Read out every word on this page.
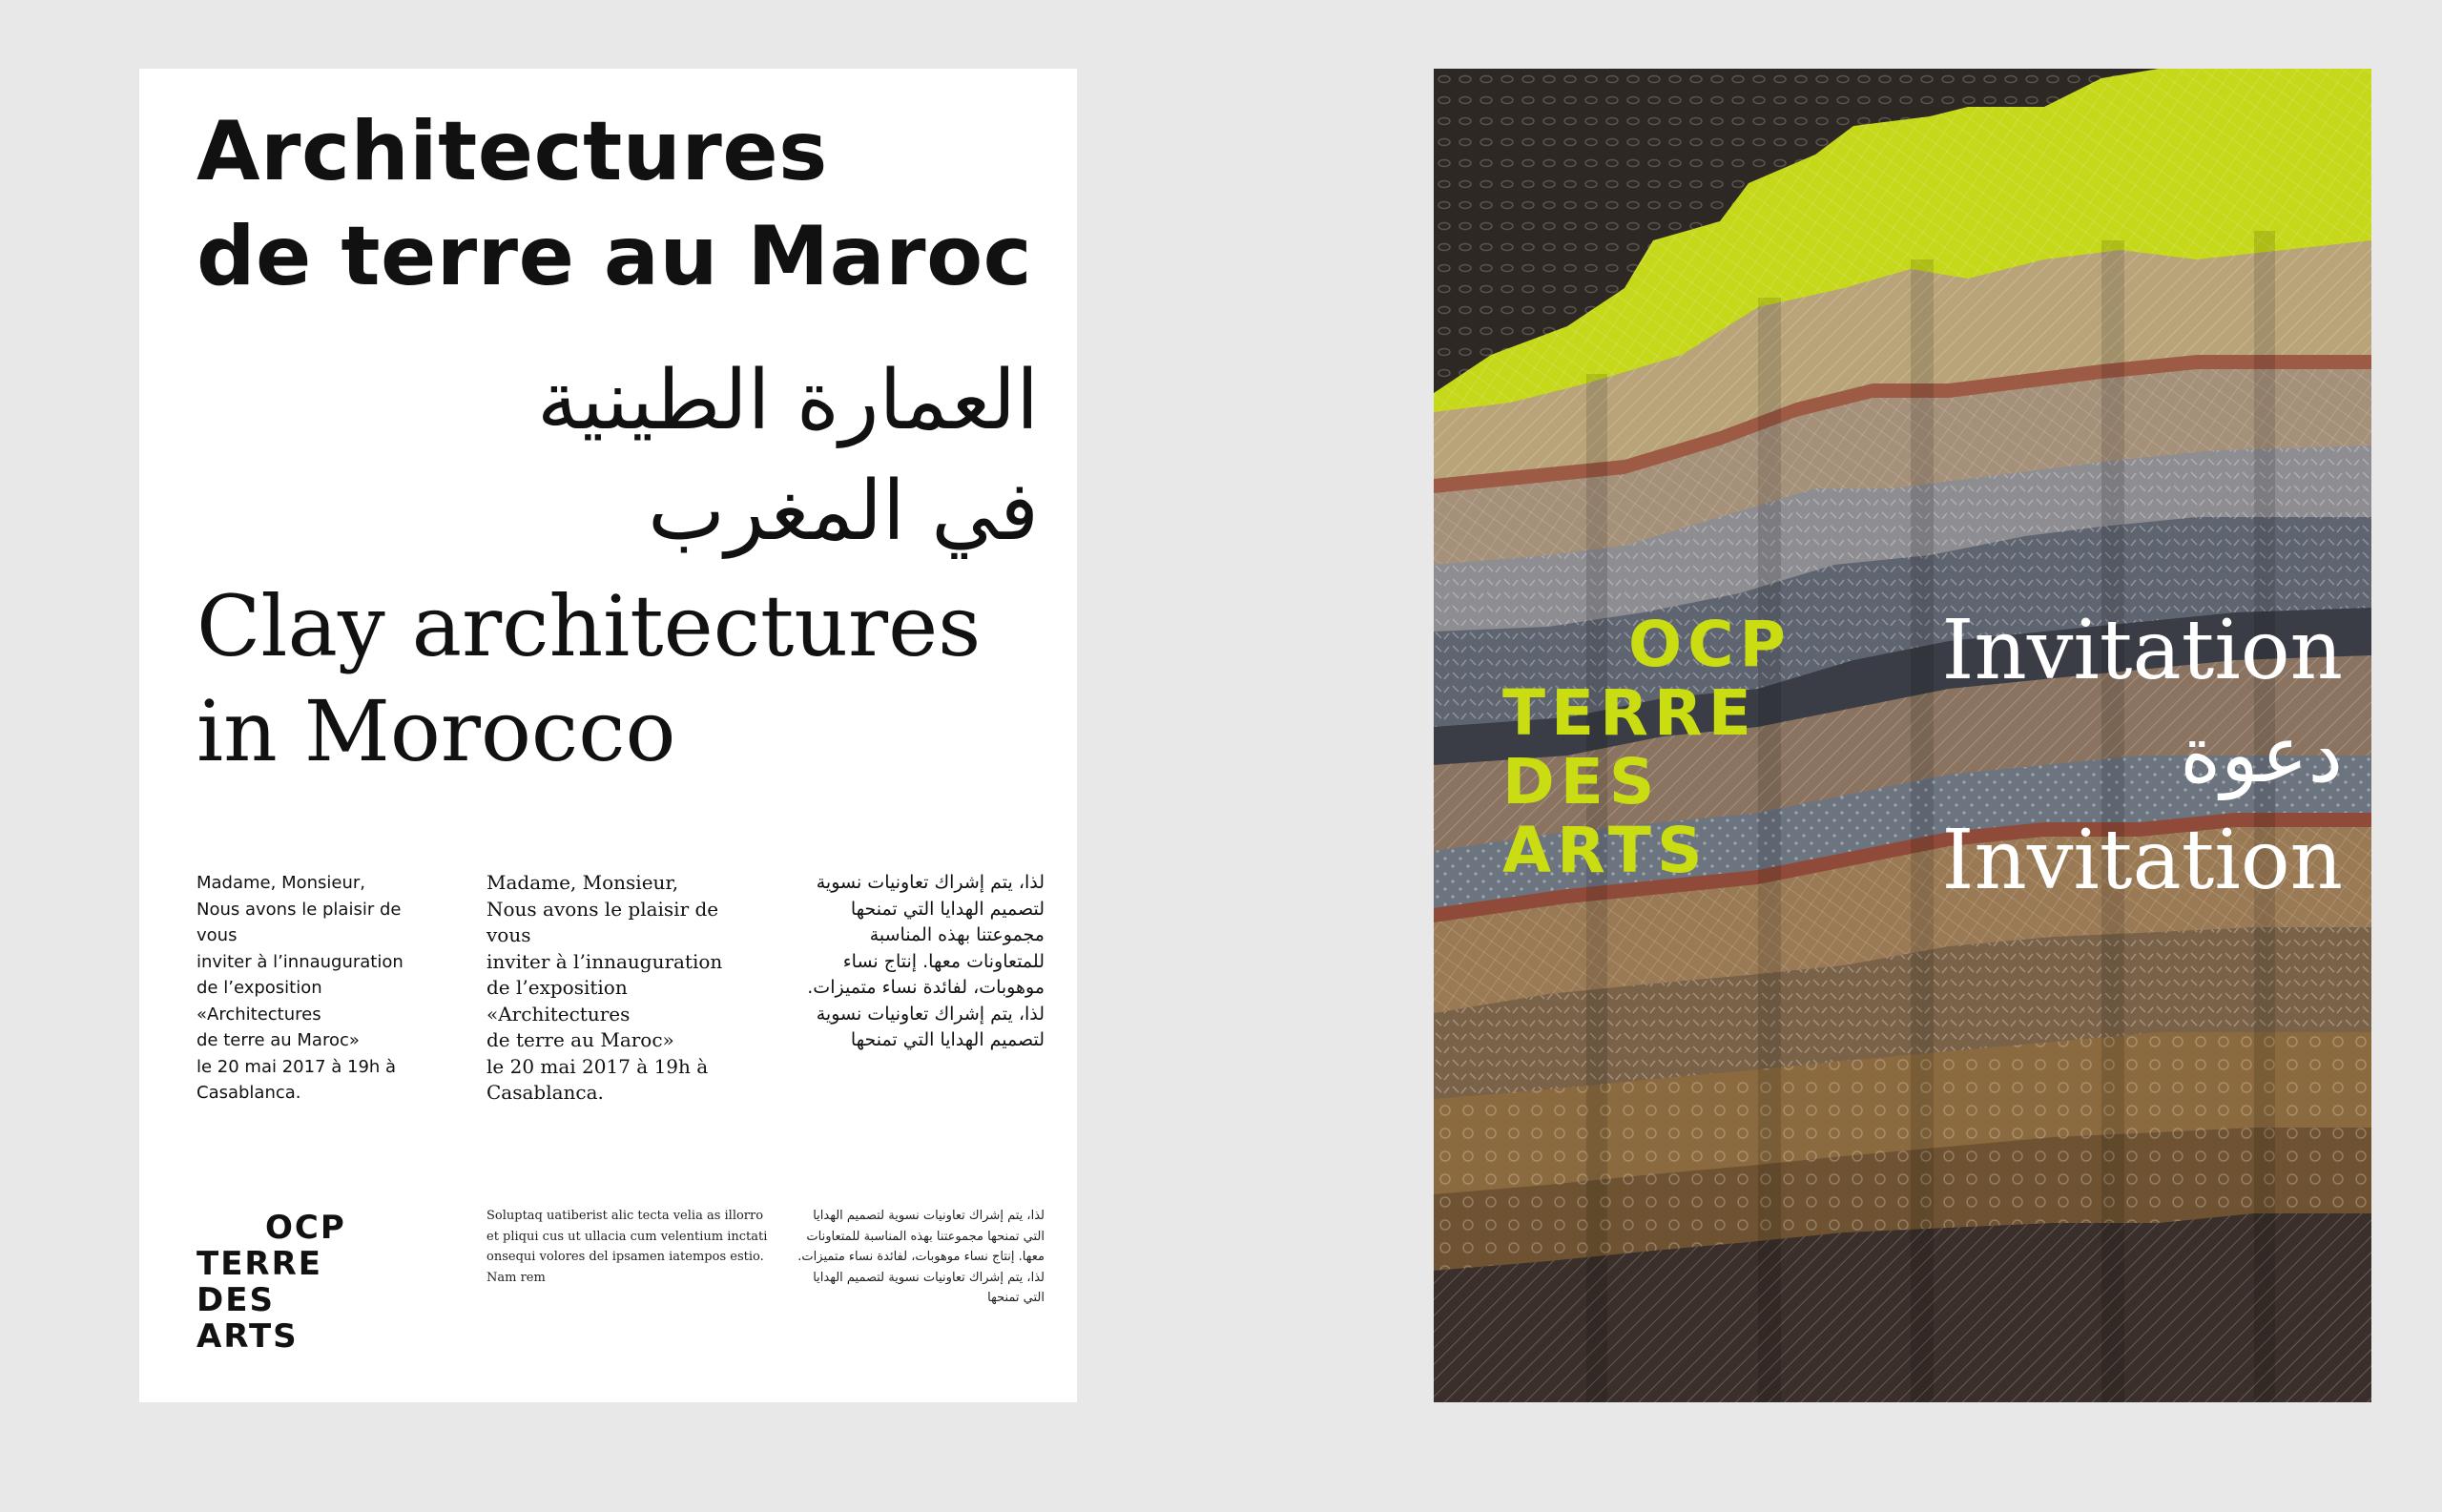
Architectures
de terre au Maroc
العمارة الطينية
في المغرب
Clay architectures
in Morocco

Madame, Monsieur,
Nous avons le plaisir de vous
inviter à l’innauguration
de l’exposition «Architectures
de terre au Maroc»
le 20 mai 2017 à 19h à
Casablanca.

Madame, Monsieur,
Nous avons le plaisir de vous
inviter à l’innauguration
de l’exposition «Architectures
de terre au Maroc»
le 20 mai 2017 à 19h à
Casablanca.

لذا، يتم إشراك تعاونيات نسوية
لتصميم الهدايا التي تمنحها
مجموعتنا بهذه المناسبة
للمتعاونات معها. إنتاج نساء
موهوبات، لفائدة نساء متميزات.
لذا، يتم إشراك تعاونيات نسوية
لتصميم الهدايا التي تمنحها

OCP
TERRE
DES
ARTS

Soluptaq uatiberist alic tecta velia as illorro
et pliqui cus ut ullacia cum velentium inctati
onsequi volores del ipsamen iatempos estio.
Nam rem

لذا، يتم إشراك تعاونيات نسوية لتصميم الهدايا
التي تمنحها مجموعتنا بهذه المناسبة للمتعاونات
معها. إنتاج نساء موهوبات، لفائدة نساء متميزات.
لذا، يتم إشراك تعاونيات نسوية لتصميم الهدايا
التي تمنحها

OCP
TERRE
DES
ARTS
Invitation
دعوة
Invitation
